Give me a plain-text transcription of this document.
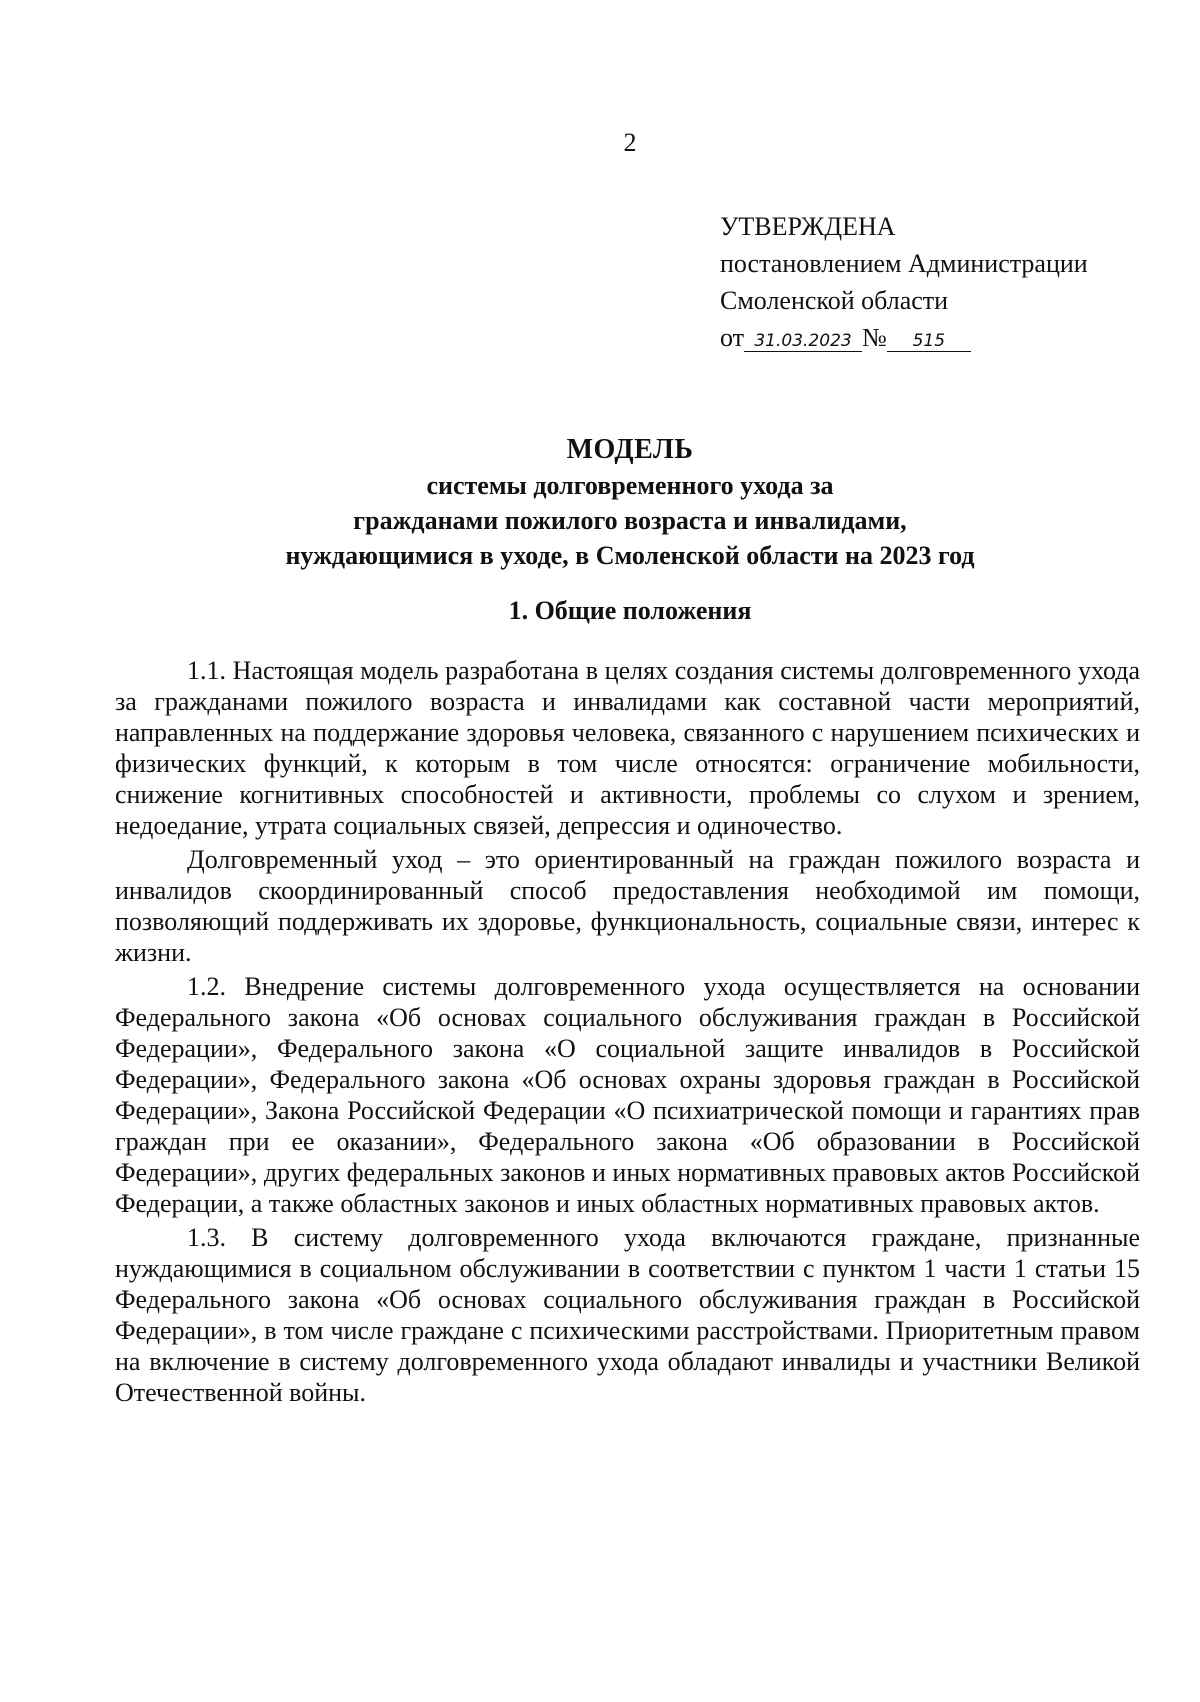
2
УТВЕРЖДЕНА
постановлением Администрации
Смоленской области
от 31.03.2023 № 515
МОДЕЛЬ
системы долговременного ухода за
гражданами пожилого возраста и инвалидами,
нуждающимися в уходе, в Смоленской области на 2023 год
1. Общие положения

1.1. Настоящая модель разработана в целях создания системы долговременного ухода за гражданами пожилого возраста и инвалидами как составной части мероприятий, направленных на поддержание здоровья человека, связанного с нарушением психических и физических функций, к которым в том числе относятся: ограничение мобильности, снижение когнитивных способностей и активности, проблемы со слухом и зрением, недоедание, утрата социальных связей, депрессия и одиночество.

Долговременный уход – это ориентированный на граждан пожилого возраста и инвалидов скоординированный способ предоставления необходимой им помощи, позволяющий поддерживать их здоровье, функциональность, социальные связи, интерес к жизни.

1.2. Внедрение системы долговременного ухода осуществляется на основании Федерального закона «Об основах социального обслуживания граждан в Российской Федерации», Федерального закона «О социальной защите инвалидов в Российской Федерации», Федерального закона «Об основах охраны здоровья граждан в Российской Федерации», Закона Российской Федерации «О психиатрической помощи и гарантиях прав граждан при ее оказании», Федерального закона «Об образовании в Российской Федерации», других федеральных законов и иных нормативных правовых актов Российской Федерации, а также областных законов и иных областных нормативных правовых актов.

1.3. В систему долговременного ухода включаются граждане, признанные нуждающимися в социальном обслуживании в соответствии с пунктом 1 части 1 статьи 15 Федерального закона «Об основах социального обслуживания граждан в Российской Федерации», в том числе граждане с психическими расстройствами. Приоритетным правом на включение в систему долговременного ухода обладают инвалиды и участники Великой Отечественной войны.
